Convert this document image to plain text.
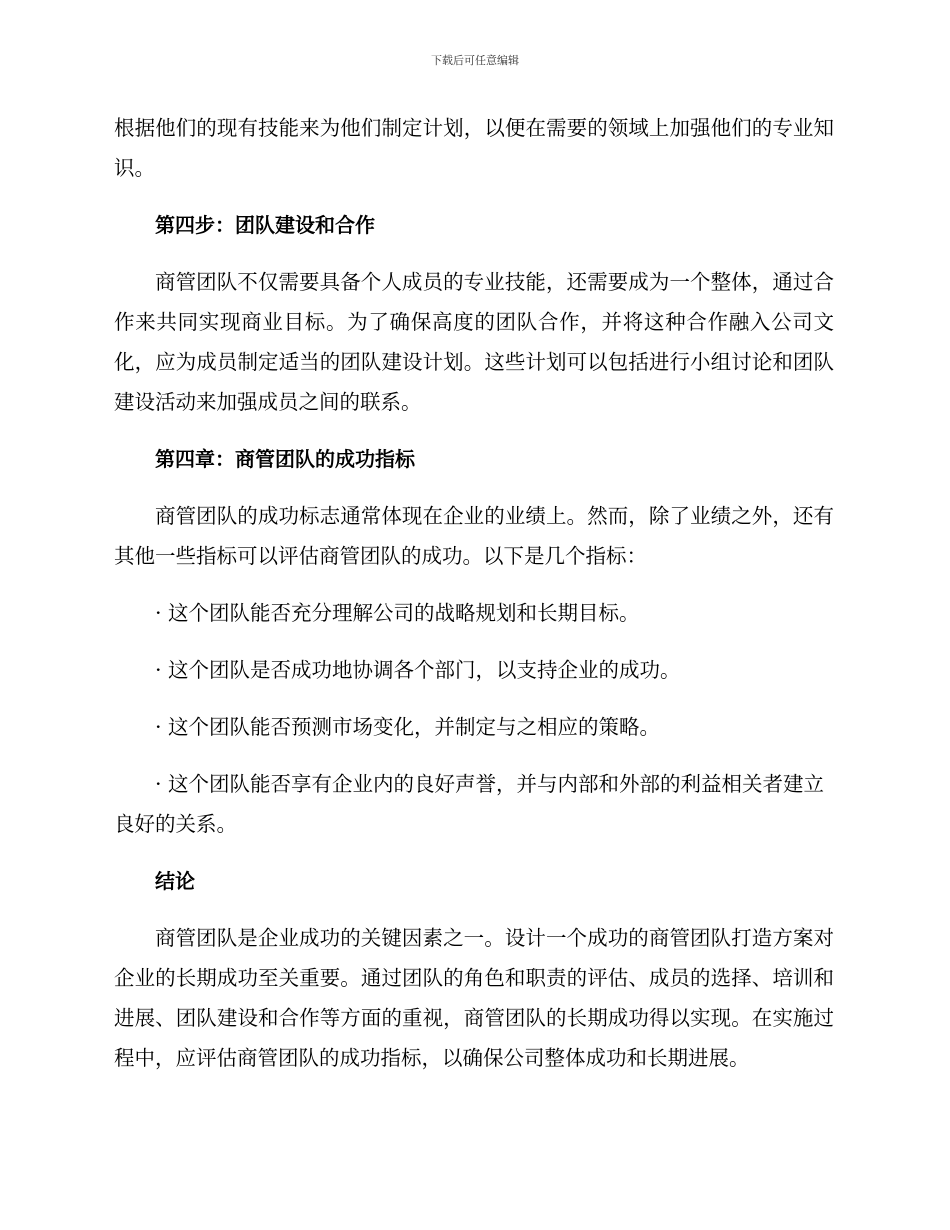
下载后可任意编辑

根据他们的现有技能来为他们制定计划，以便在需要的领域上加强他们的专业知识。

第四步：团队建设和合作

商管团队不仅需要具备个人成员的专业技能，还需要成为一个整体，通过合作来共同实现商业目标。为了确保高度的团队合作，并将这种合作融入公司文化，应为成员制定适当的团队建设计划。这些计划可以包括进行小组讨论和团队建设活动来加强成员之间的联系。

第四章：商管团队的成功指标

商管团队的成功标志通常体现在企业的业绩上。然而，除了业绩之外，还有其他一些指标可以评估商管团队的成功。以下是几个指标：

· 这个团队能否充分理解公司的战略规划和长期目标。

· 这个团队是否成功地协调各个部门，以支持企业的成功。

· 这个团队能否预测市场变化，并制定与之相应的策略。

· 这个团队能否享有企业内的良好声誉，并与内部和外部的利益相关者建立良好的关系。

结论

商管团队是企业成功的关键因素之一。设计一个成功的商管团队打造方案对企业的长期成功至关重要。通过团队的角色和职责的评估、成员的选择、培训和进展、团队建设和合作等方面的重视，商管团队的长期成功得以实现。在实施过程中，应评估商管团队的成功指标，以确保公司整体成功和长期进展。
